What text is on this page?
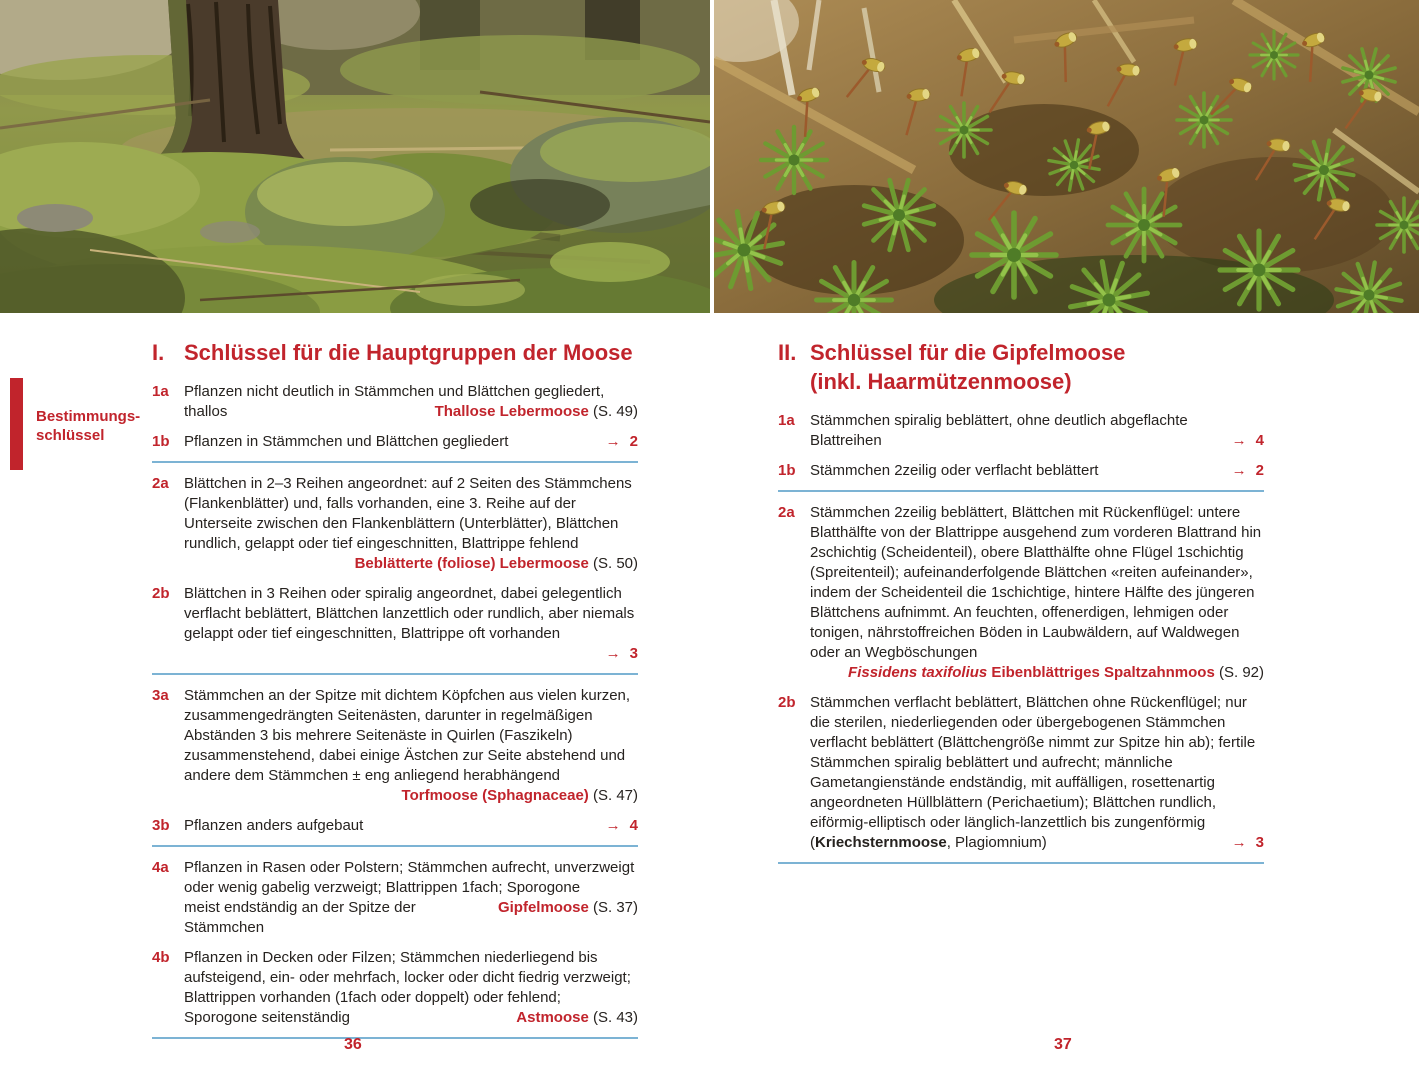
Bestimmungs-
schlüssel
I. Schlüssel für die Hauptgruppen der Moose
1a	Pflanzen nicht deutlich in Stämmchen und Blättchen gegliedert,
thallos	Thallose Lebermoose (S. 49)
1b Pflanzen in Stämmchen und Blättchen gegliedert	→ 2
2a	Blättchen in 2–3 Reihen angeordnet: auf 2 Seiten des Stämmchens (Flankenblätter) und, falls vorhanden, eine 3. Reihe auf der Unterseite zwischen den Flankenblättern (Unterblätter), Blättchen rundlich, gelappt oder tief eingeschnitten, Blattrippe fehlend
Beblätterte (foliose) Lebermoose (S. 50)
2b Blättchen in 3 Reihen oder spiralig angeordnet, dabei gelegentlich verflacht beblättert, Blättchen lanzettlich oder rundlich, aber niemals gelappt oder tief eingeschnitten, Blattrippe oft vorhanden
→ 3
3a	Stämmchen an der Spitze mit dichtem Köpfchen aus vielen kurzen, zusammengedrängten Seitenästen, darunter in regelmäßigen Abständen 3 bis mehrere Seitenäste in Quirlen (Faszikeln) zusammenstehend, dabei einige Ästchen zur Seite abstehend und andere dem Stämmchen ± eng anliegend herabhängend
Torfmoose (Sphagnaceae) (S. 47)
3b Pflanzen anders aufgebaut	→ 4
4a	Pflanzen in Rasen oder Polstern; Stämmchen aufrecht, unverzweigt oder wenig gabelig verzweigt; Blattrippen 1fach; Sporogone
meist endständig an der Spitze der Stämmchen
Gipfelmoose (S. 37)
4b Pflanzen in Decken oder Filzen; Stämmchen niederliegend bis aufsteigend, ein- oder mehrfach, locker oder dicht fiedrig verzweigt; Blattrippen vorhanden (1fach oder doppelt) oder fehlend;
Sporogone seitenständig	Astmoose (S. 43)
II. Schlüssel für die Gipfelmoose
(inkl. Haarmützenmoose)
1a	Stämmchen spiralig beblättert, ohne deutlich abgeflachte
Blattreihen	→ 4
1b Stämmchen 2zeilig oder verflacht beblättert	→ 2
2a	Stämmchen 2zeilig beblättert, Blättchen mit Rückenflügel: untere Blatthälfte von der Blattrippe ausgehend zum vorderen Blattrand hin 2schichtig (Scheidenteil), obere Blatthälfte ohne Flügel 1schichtig (Spreitenteil); aufeinanderfolgende Blättchen «reiten aufeinander», indem der Scheidenteil die 1schichtige, hintere Hälfte des jüngeren Blättchens aufnimmt. An feuchten, offenerdigen, lehmigen oder tonigen, nährstoffreichen Böden in Laubwäldern, auf Waldwegen oder an Wegböschungen
Fissidens taxifolius Eibenblättriges Spaltzahnmoos (S. 92)
2b Stämmchen verflacht beblättert, Blättchen ohne Rückenflügel; nur die sterilen, niederliegenden oder übergebogenen Stämmchen verflacht beblättert (Blättchengröße nimmt zur Spitze hin ab); fertile Stämmchen spiralig beblättert und aufrecht; männliche Gametangienstände endständig, mit auffälligen, rosettenartig angeordneten Hüllblättern (Perichaetium); Blättchen rundlich, eiförmig-elliptisch oder länglich-lanzettlich bis zungenförmig
(Kriechsternmoose, Plagiomnium)	→ 3
36	37
